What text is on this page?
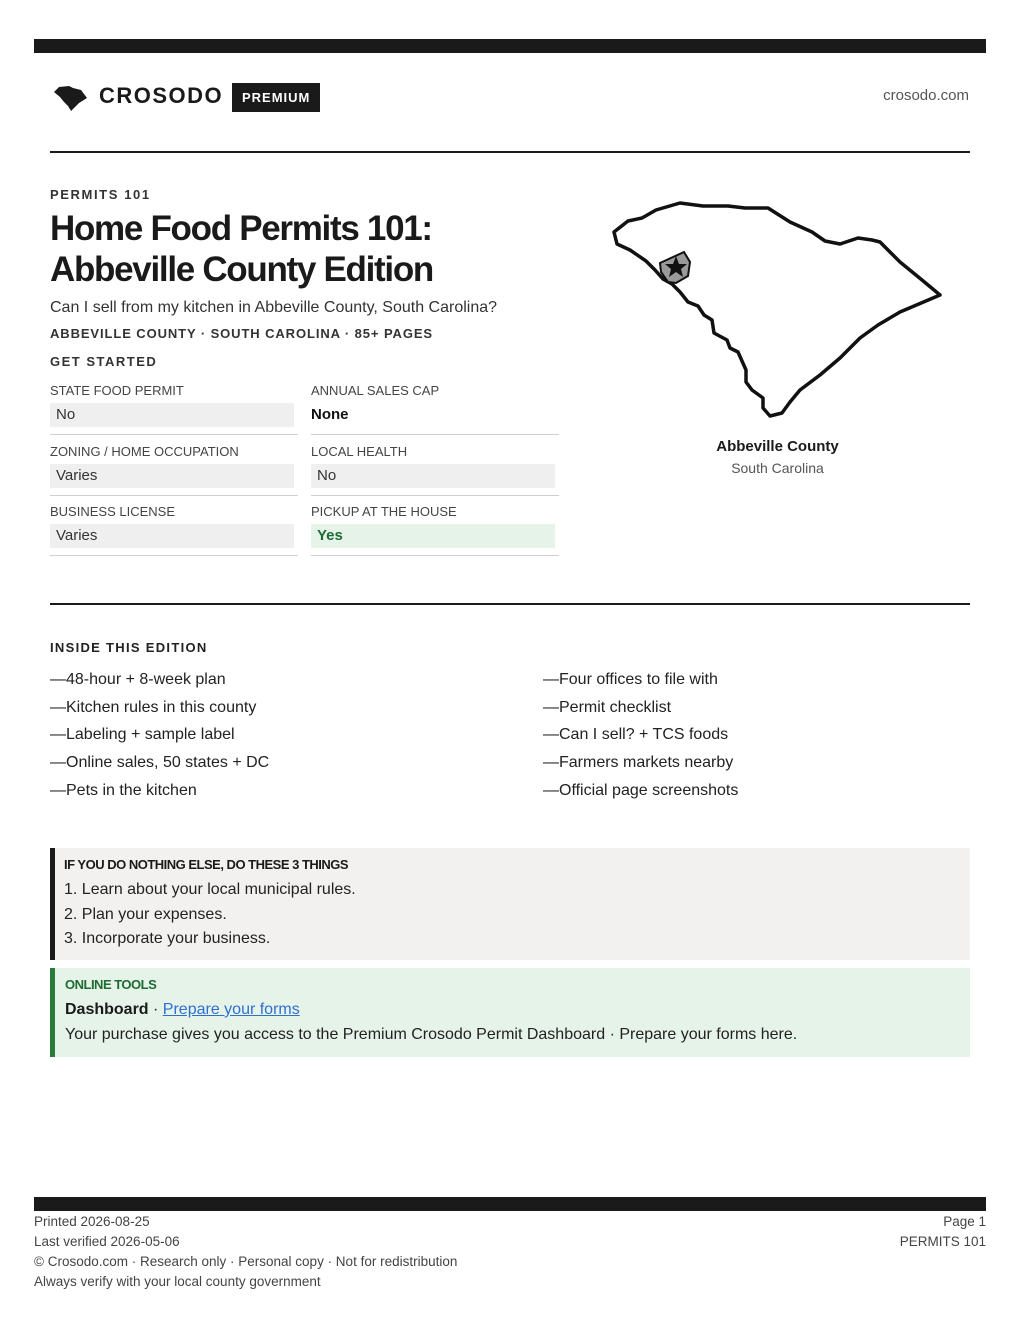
CROSODO	PREMIUM	crosodo.com
PERMITS 101
Home Food Permits 101:
Abbeville County Edition
Can I sell from my kitchen in Abbeville County, South Carolina?
ABBEVILLE COUNTY · SOUTH CAROLINA · 85+ PAGES
GET STARTED
STATE FOOD PERMIT
No
ANNUAL SALES CAP
None
ZONING / HOME OCCUPATION
Varies
LOCAL HEALTH
No
BUSINESS LICENSE
Varies
PICKUP AT THE HOUSE
Yes
Abbeville County
South Carolina
INSIDE THIS EDITION
—48-hour + 8-week plan
—Kitchen rules in this county
—Labeling + sample label
—Online sales, 50 states + DC
—Pets in the kitchen
—Four offices to file with
—Permit checklist
—Can I sell? + TCS foods
—Farmers markets nearby
—Official page screenshots
IF YOU DO NOTHING ELSE, DO THESE 3 THINGS
1. Learn about your local municipal rules.
2. Plan your expenses.
3. Incorporate your business.
ONLINE TOOLS
Dashboard · Prepare your forms
Your purchase gives you access to the Premium Crosodo Permit Dashboard · Prepare your forms here.
Printed 2026-08-25
Last verified 2026-05-06
© Crosodo.com · Research only · Personal copy · Not for redistribution
Always verify with your local county government
Page 1
PERMITS 101
